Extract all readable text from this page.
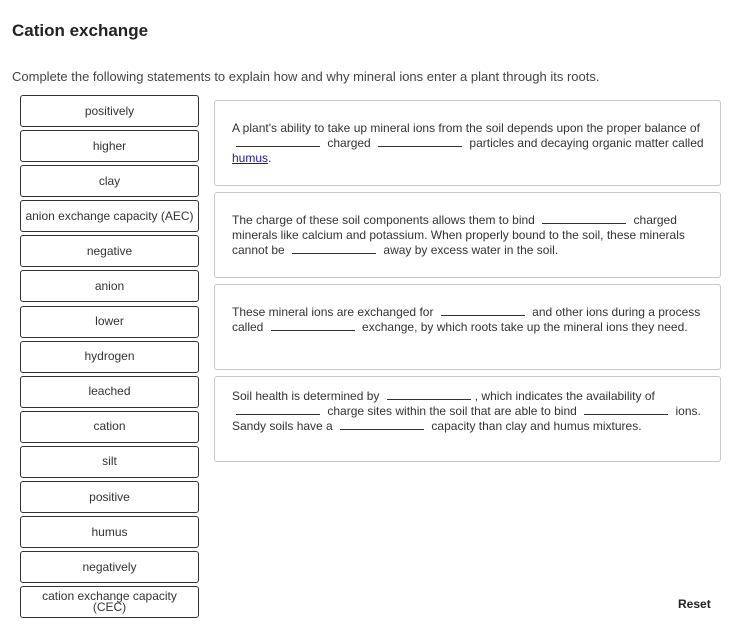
Cation exchange

Complete the following statements to explain how and why mineral ions enter a plant through its roots.

positively
higher
clay
anion exchange capacity (AEC)
negative
anion
lower
hydrogen
leached
cation
silt
positive
humus
negatively
cation exchange capacity (CEC)
A plant's ability to take up mineral ions from the soil depends upon the proper balance of  charged	particles and decaying organic matter called humus.
The charge of these soil components allows them to bind	charged minerals like calcium and potassium. When properly bound to the soil, these minerals cannot be	away by excess water in the soil.
These mineral ions are exchanged for	and other ions during a process called	exchange, by which roots take up the mineral ions they need.
Soil health is determined by	, which indicates the availability of  charge sites within the soil that are able to bind	ions. Sandy soils have a	capacity than clay and humus mixtures.
Reset
